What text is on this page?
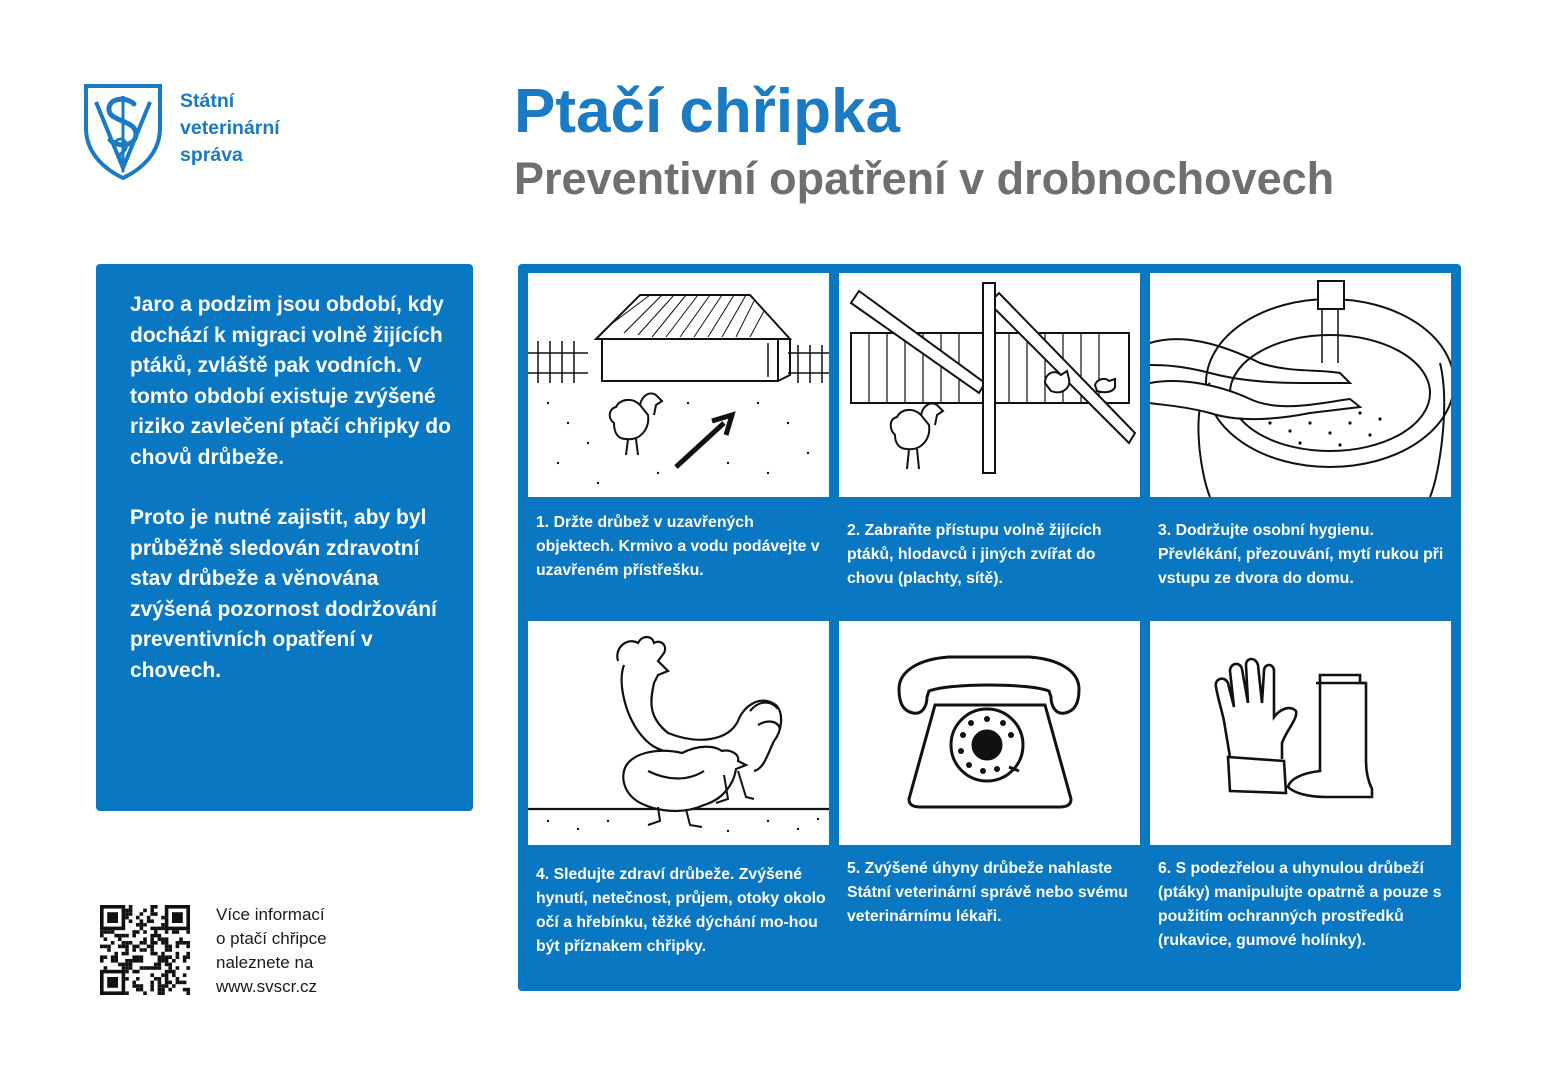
Státní
veterinární
správa
Ptačí chřipka
Preventivní opatření v drobnochovech

Jaro a podzim jsou období, kdy dochází k migraci volně žijících ptáků, zvláště pak vodních. V tomto období existuje zvýšené riziko zavlečení ptačí chřipky do chovů drůbeže.

Proto je nutné zajistit, aby byl průběžně sledován zdravotní stav drůbeže a věnována zvýšená pozornost dodržování preventivních opatření v chovech.

1. Držte drůbež v uzavřených objektech. Krmivo a vodu podávejte v uzavřeném přístřešku.
2. Zabraňte přístupu volně žijících ptáků, hlodavců i jiných zvířat do chovu (plachty, sítě).
3. Dodržujte osobní hygienu. Převlékání, přezouvání, mytí rukou při vstupu ze dvora do domu.
4. Sledujte zdraví drůbeže. Zvýšené hynutí, netečnost, průjem, otoky okolo očí a hřebínku, těžké dýchání mo-hou být příznakem chřipky.
5. Zvýšené úhyny drůbeže nahlaste Státní veterinární správě nebo svému veterinárnímu lékaři.
6. S podezřelou a uhynulou drůbeží (ptáky) manipulujte opatrně a pouze s použitím ochranných prostředků (rukavice, gumové holínky).
Více informací
o ptačí chřipce
naleznete na
www.svscr.cz
